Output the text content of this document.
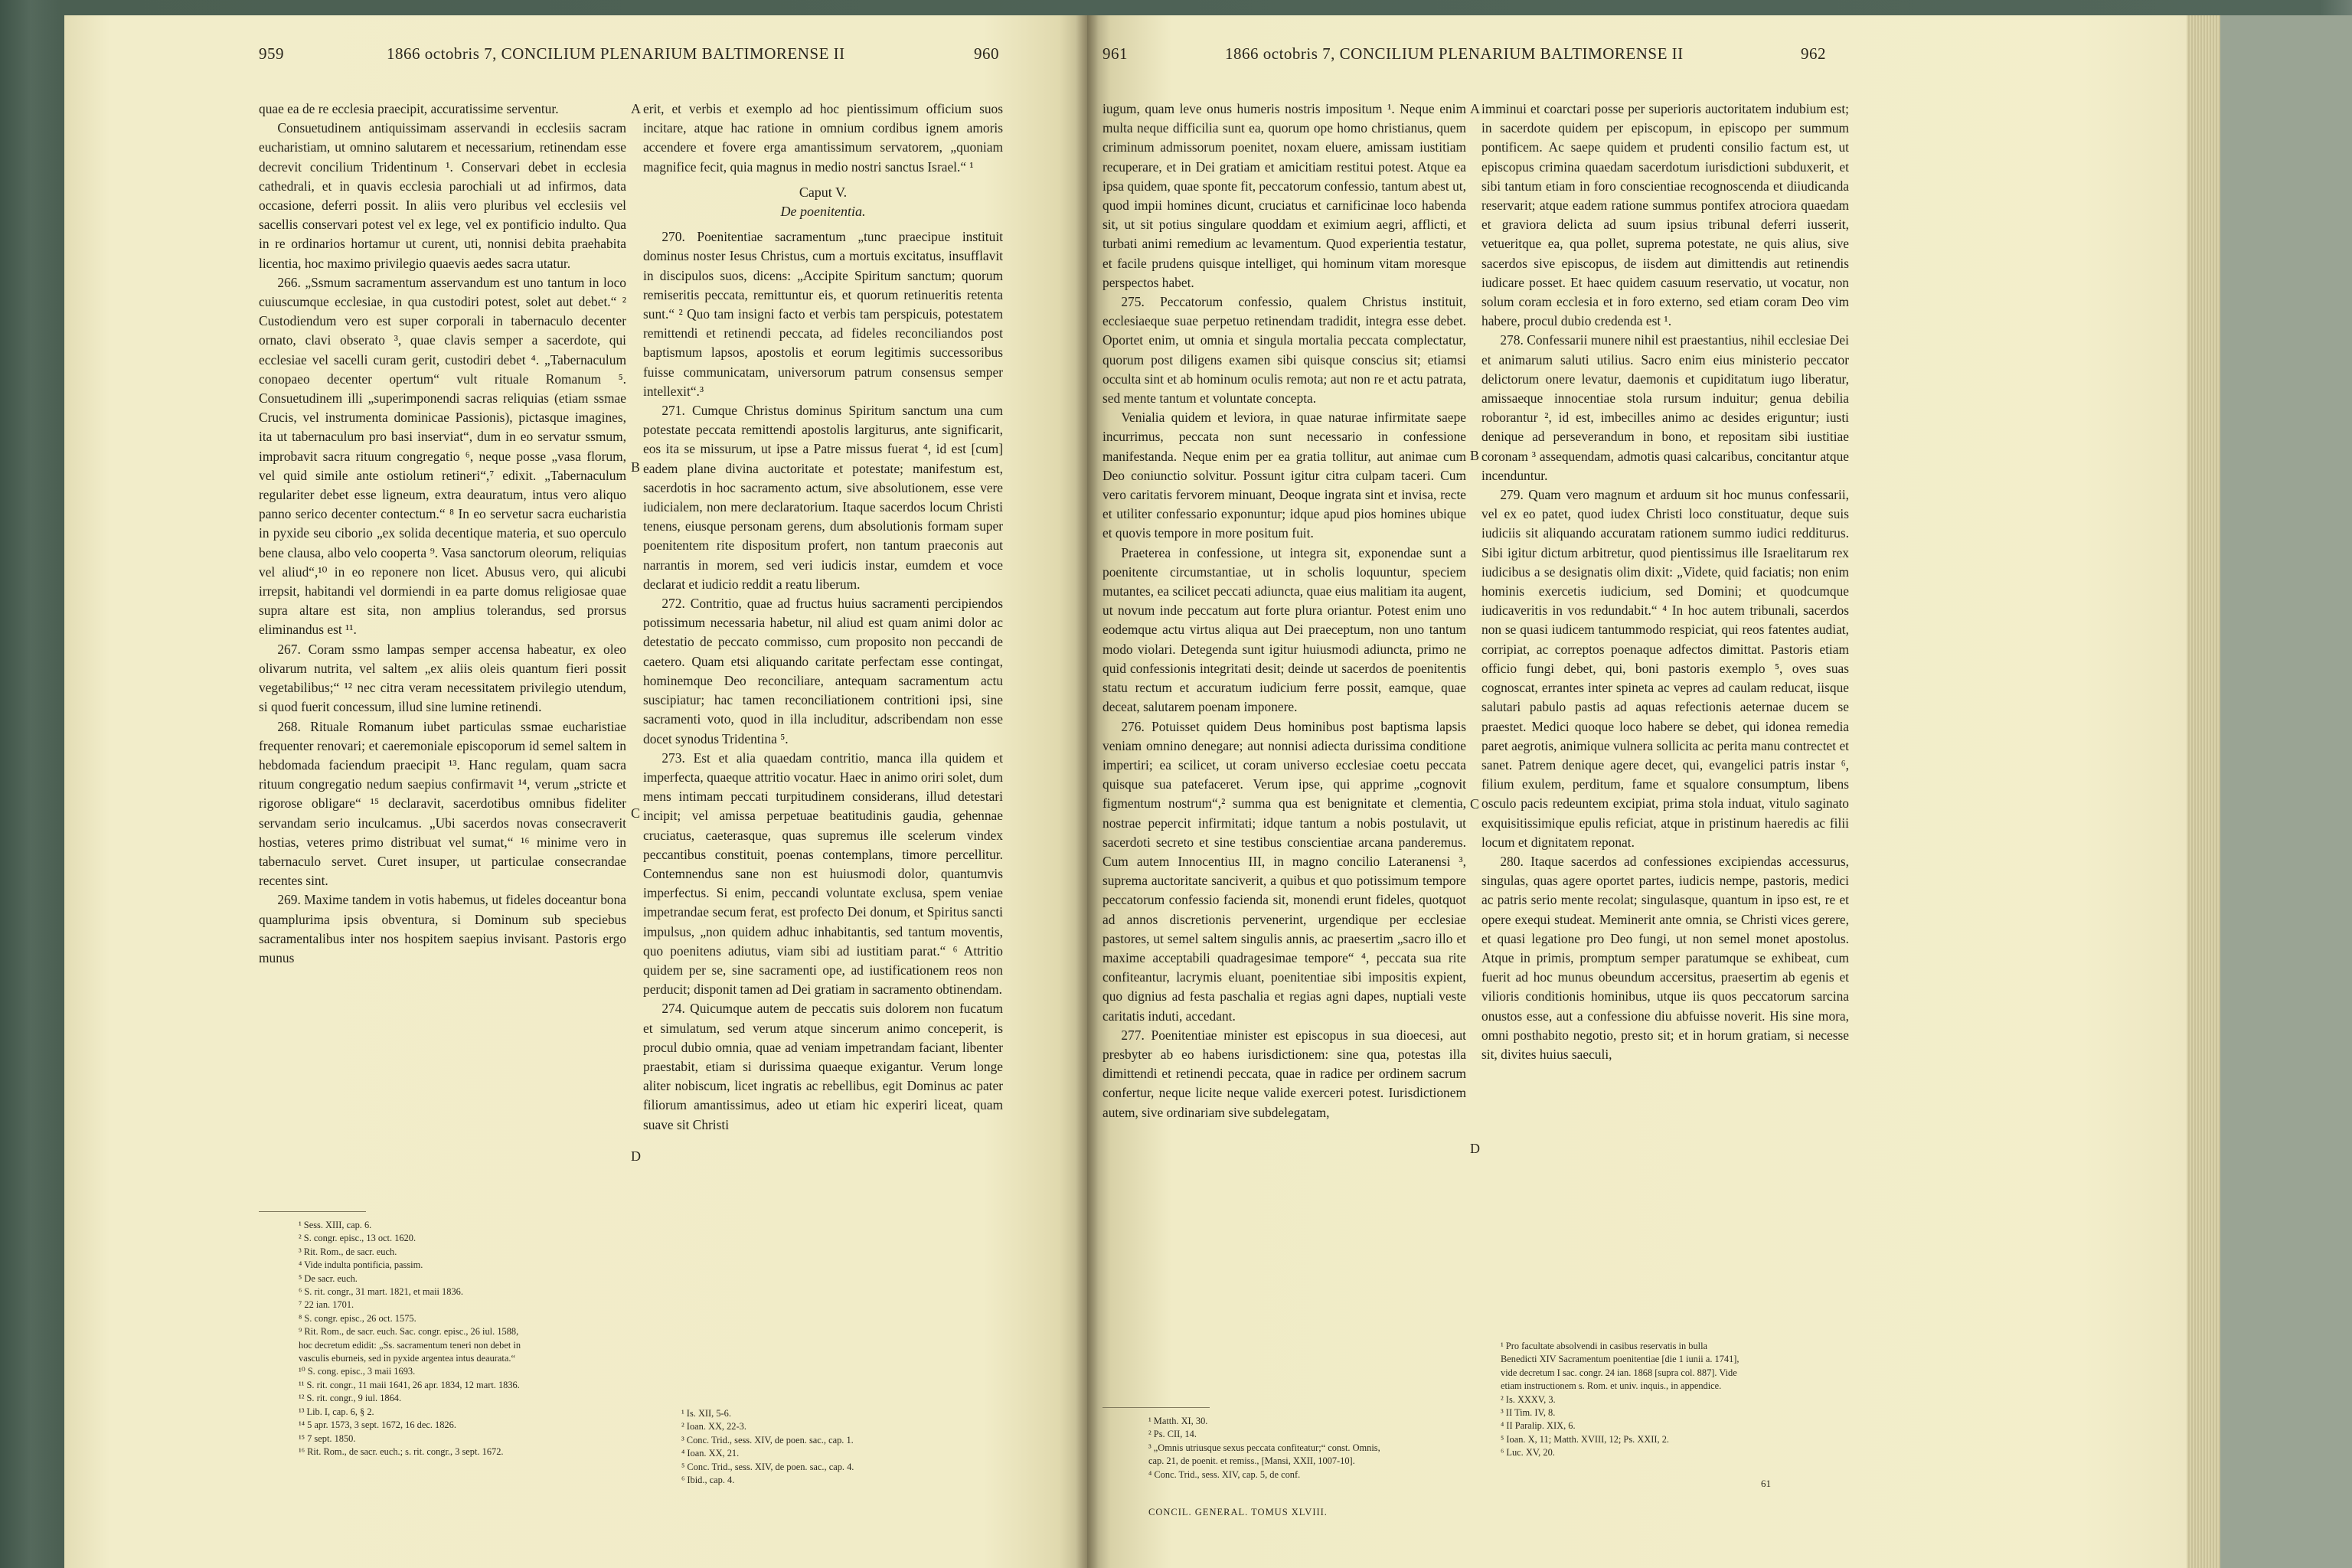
959	1866 octobris 7, CONCILIUM PLENARIUM BALTIMORENSE II	960	961	1866 octobris 7, CONCILIUM PLENARIUM BALTIMORENSE II	962

quae ea de re ecclesia praecipit, accuratissime serventur.

Consuetudinem antiquissimam asservandi in ecclesiis sacram eucharistiam, ut omnino salutarem et necessarium, retinendam esse decrevit concilium Tridentinum ¹. Conservari debet in ecclesia cathedrali, et in quavis ecclesia parochiali ut ad infirmos, data occasione, deferri possit. In aliis vero pluribus vel ecclesiis vel sacellis conservari potest vel ex lege, vel ex pontificio indulto. Qua in re ordinarios hortamur ut curent, uti, nonnisi debita praehabita licentia, hoc maximo privilegio quaevis aedes sacra utatur.

266. „Ssmum sacramentum asservandum est uno tantum in loco cuiuscumque ecclesiae, in qua custodiri potest, solet aut debet.“ ² Custodiendum vero est super corporali in tabernaculo decenter ornato, clavi obserato ³, quae clavis semper a sacerdote, qui ecclesiae vel sacelli curam gerit, custodiri debet ⁴. „Tabernaculum conopaeo decenter opertum“ vult rituale Romanum ⁵. Consuetudinem illi „superimponendi sacras reliquias (etiam ssmae Crucis, vel instrumenta dominicae Passionis), pictasque imagines, ita ut tabernaculum pro basi inserviat“, dum in eo servatur ssmum, improbavit sacra rituum congregatio ⁶, neque posse „vasa florum, vel quid simile ante ostiolum retineri“,⁷ edixit. „Tabernaculum regulariter debet esse ligneum, extra deauratum, intus vero aliquo panno serico decenter contectum.“ ⁸ In eo servetur sacra eucharistia in pyxide seu ciborio „ex solida decentique materia, et suo operculo bene clausa, albo velo cooperta ⁹. Vasa sanctorum oleorum, reliquias vel aliud“,¹⁰ in eo reponere non licet. Abusus vero, qui alicubi irrepsit, habitandi vel dormiendi in ea parte domus religiosae quae supra altare est sita, non amplius tolerandus, sed prorsus eliminandus est ¹¹.

267. Coram ssmo lampas semper accensa habeatur, ex oleo olivarum nutrita, vel saltem „ex aliis oleis quantum fieri possit vegetabilibus;“ ¹² nec citra veram necessitatem privilegio utendum, si quod fuerit concessum, illud sine lumine retinendi.

268. Rituale Romanum iubet particulas ssmae eucharistiae frequenter renovari; et caeremoniale episcoporum id semel saltem in hebdomada faciendum praecipit ¹³. Hanc regulam, quam sacra rituum congregatio nedum saepius confirmavit ¹⁴, verum „stricte et rigorose obligare“ ¹⁵ declaravit, sacerdotibus omnibus fideliter servandam serio inculcamus. „Ubi sacerdos novas consecraverit hostias, veteres primo distribuat vel sumat,“ ¹⁶ minime vero in tabernaculo servet. Curet insuper, ut particulae consecrandae recentes sint.

269. Maxime tandem in votis habemus, ut fideles doceantur bona quamplurima ipsis obventura, si Dominum sub speciebus sacramentalibus inter nos hospitem saepius invisant. Pastoris ergo munus

erit, et verbis et exemplo ad hoc pientissimum officium suos incitare, atque hac ratione in omnium cordibus ignem amoris accendere et fovere erga amantissimum servatorem, „quoniam magnifice fecit, quia magnus in medio nostri sanctus Israel.“ ¹

Caput V.
De poenitentia.

270. Poenitentiae sacramentum „tunc praecipue instituit dominus noster Iesus Christus, cum a mortuis excitatus, insufflavit in discipulos suos, dicens: „Accipite Spiritum sanctum; quorum remiseritis peccata, remittuntur eis, et quorum retinueritis retenta sunt.“ ² Quo tam insigni facto et verbis tam perspicuis, potestatem remittendi et retinendi peccata, ad fideles reconciliandos post baptismum lapsos, apostolis et eorum legitimis successoribus fuisse communicatam, universorum patrum consensus semper intellexit“.³

271. Cumque Christus dominus Spiritum sanctum una cum potestate peccata remittendi apostolis largiturus, ante significarit, eos ita se missurum, ut ipse a Patre missus fuerat ⁴, id est [cum] eadem plane divina auctoritate et potestate; manifestum est, sacerdotis in hoc sacramento actum, sive absolutionem, esse vere iudicialem, non mere declaratorium. Itaque sacerdos locum Christi tenens, eiusque personam gerens, dum absolutionis formam super poenitentem rite dispositum profert, non tantum praeconis aut narrantis in morem, sed veri iudicis instar, eumdem et voce declarat et iudicio reddit a reatu liberum.

272. Contritio, quae ad fructus huius sacramenti percipiendos potissimum necessaria habetur, nil aliud est quam animi dolor ac detestatio de peccato commisso, cum proposito non peccandi de caetero. Quam etsi aliquando caritate perfectam esse contingat, hominemque Deo reconciliare, antequam sacramentum actu suscipiatur; hac tamen reconciliationem contritioni ipsi, sine sacramenti voto, quod in illa includitur, adscribendam non esse docet synodus Tridentina ⁵.

273. Est et alia quaedam contritio, manca illa quidem et imperfecta, quaeque attritio vocatur. Haec in animo oriri solet, dum mens intimam peccati turpitudinem considerans, illud detestari incipit; vel amissa perpetuae beatitudinis gaudia, gehennae cruciatus, caeterasque, quas supremus ille scelerum vindex peccantibus constituit, poenas contemplans, timore percellitur. Contemnendus sane non est huiusmodi dolor, quantumvis imperfectus. Si enim, peccandi voluntate exclusa, spem veniae impetrandae secum ferat, est profecto Dei donum, et Spiritus sancti impulsus, „non quidem adhuc inhabitantis, sed tantum moventis, quo poenitens adiutus, viam sibi ad iustitiam parat.“ ⁶ Attritio quidem per se, sine sacramenti ope, ad iustificationem reos non perducit; disponit tamen ad Dei gratiam in sacramento obtinendam.

274. Quicumque autem de peccatis suis dolorem non fucatum et simulatum, sed verum atque sincerum animo conceperit, is procul dubio omnia, quae ad veniam impetrandam faciant, libenter praestabit, etiam si durissima quaeque exigantur. Verum longe aliter nobiscum, licet ingratis ac rebellibus, egit Dominus ac pater filiorum amantissimus, adeo ut etiam hic experiri liceat, quam suave sit Christi

A
B
C
D
¹ Sess. XIII, cap. 6.
² S. congr. episc., 13 oct. 1620.
³ Rit. Rom., de sacr. euch.
⁴ Vide indulta pontificia, passim.
⁵ De sacr. euch.
⁶ S. rit. congr., 31 mart. 1821, et maii 1836.
⁷ 22 ian. 1701.
⁸ S. congr. episc., 26 oct. 1575.
⁹ Rit. Rom., de sacr. euch. Sac. congr. episc., 26 iul. 1588,
hoc decretum edidit: „Ss. sacramentum teneri non debet in
vasculis eburneis, sed in pyxide argentea intus deaurata.“
¹⁰ S. cong. episc., 3 maii 1693.
¹¹ S. rit. congr., 11 maii 1641, 26 apr. 1834, 12 mart. 1836.
¹² S. rit. congr., 9 iul. 1864.
¹³ Lib. I, cap. 6, § 2.
¹⁴ 5 apr. 1573, 3 sept. 1672, 16 dec. 1826.
¹⁵ 7 sept. 1850.
¹⁶ Rit. Rom., de sacr. euch.; s. rit. congr., 3 sept. 1672.
¹ Is. XII, 5-6.
² Ioan. XX, 22-3.
³ Conc. Trid., sess. XIV, de poen. sac., cap. 1.
⁴ Ioan. XX, 21.
⁵ Conc. Trid., sess. XIV, de poen. sac., cap. 4.
⁶ Ibid., cap. 4.

iugum, quam leve onus humeris nostris impositum ¹. Neque enim multa neque difficilia sunt ea, quorum ope homo christianus, quem criminum admissorum poenitet, noxam eluere, amissam iustitiam recuperare, et in Dei gratiam et amicitiam restitui potest. Atque ea ipsa quidem, quae sponte fit, peccatorum confessio, tantum abest ut, quod impii homines dicunt, cruciatus et carnificinae loco habenda sit, ut sit potius singulare quoddam et eximium aegri, afflicti, et turbati animi remedium ac levamentum. Quod experientia testatur, et facile prudens quisque intelliget, qui hominum vitam moresque perspectos habet.

275. Peccatorum confessio, qualem Christus instituit, ecclesiaeque suae perpetuo retinendam tradidit, integra esse debet. Oportet enim, ut omnia et singula mortalia peccata complectatur, quorum post diligens examen sibi quisque conscius sit; etiamsi occulta sint et ab hominum oculis remota; aut non re et actu patrata, sed mente tantum et voluntate concepta.

Venialia quidem et leviora, in quae naturae infirmitate saepe incurrimus, peccata non sunt necessario in confessione manifestanda. Neque enim per ea gratia tollitur, aut animae cum Deo coniunctio solvitur. Possunt igitur citra culpam taceri. Cum vero caritatis fervorem minuant, Deoque ingrata sint et invisa, recte et utiliter confessario exponuntur; idque apud pios homines ubique et quovis tempore in more positum fuit.

Praeterea in confessione, ut integra sit, exponendae sunt a poenitente circumstantiae, ut in scholis loquuntur, speciem mutantes, ea scilicet peccati adiuncta, quae eius malitiam ita augent, ut novum inde peccatum aut forte plura oriantur. Potest enim uno eodemque actu virtus aliqua aut Dei praeceptum, non uno tantum modo violari. Detegenda sunt igitur huiusmodi adiuncta, primo ne quid confessionis integritati desit; deinde ut sacerdos de poenitentis statu rectum et accuratum iudicium ferre possit, eamque, quae deceat, salutarem poenam imponere.

276. Potuisset quidem Deus hominibus post baptisma lapsis veniam omnino denegare; aut nonnisi adiecta durissima conditione impertiri; ea scilicet, ut coram universo ecclesiae coetu peccata quisque sua patefaceret. Verum ipse, qui apprime „cognovit figmentum nostrum“,² summa qua est benignitate et clementia, nostrae pepercit infirmitati; idque tantum a nobis postulavit, ut sacerdoti secreto et sine testibus conscientiae arcana panderemus. Cum autem Innocentius III, in magno concilio Lateranensi ³, suprema auctoritate sanciverit, a quibus et quo potissimum tempore peccatorum confessio facienda sit, monendi erunt fideles, quotquot ad annos discretionis pervenerint, urgendique per ecclesiae pastores, ut semel saltem singulis annis, ac praesertim „sacro illo et maxime acceptabili quadragesimae tempore“ ⁴, peccata sua rite confiteantur, lacrymis eluant, poenitentiae sibi impositis expient, quo dignius ad festa paschalia et regias agni dapes, nuptiali veste caritatis induti, accedant.

277. Poenitentiae minister est episcopus in sua dioecesi, aut presbyter ab eo habens iurisdictionem: sine qua, potestas illa dimittendi et retinendi peccata, quae in radice per ordinem sacrum confertur, neque licite neque valide exerceri potest. Iurisdictionem autem, sive ordinariam sive subdelegatam,

imminui et coarctari posse per superioris auctoritatem indubium est; in sacerdote quidem per episcopum, in episcopo per summum pontificem. Ac saepe quidem et prudenti consilio factum est, ut episcopus crimina quaedam sacerdotum iurisdictioni subduxerit, et sibi tantum etiam in foro conscientiae recognoscenda et diiudicanda reservarit; atque eadem ratione summus pontifex atrociora quaedam et graviora delicta ad suum ipsius tribunal deferri iusserit, vetueritque ea, qua pollet, suprema potestate, ne quis alius, sive sacerdos sive episcopus, de iisdem aut dimittendis aut retinendis iudicare posset. Et haec quidem casuum reservatio, ut vocatur, non solum coram ecclesia et in foro externo, sed etiam coram Deo vim habere, procul dubio credenda est ¹.

278. Confessarii munere nihil est praestantius, nihil ecclesiae Dei et animarum saluti utilius. Sacro enim eius ministerio peccator delictorum onere levatur, daemonis et cupiditatum iugo liberatur, amissaeque innocentiae stola rursum induitur; genua debilia roborantur ², id est, imbecilles animo ac desides eriguntur; iusti denique ad perseverandum in bono, et repositam sibi iustitiae coronam ³ assequendam, admotis quasi calcaribus, concitantur atque incenduntur.

279. Quam vero magnum et arduum sit hoc munus confessarii, vel ex eo patet, quod iudex Christi loco constituatur, deque suis iudiciis sit aliquando accuratam rationem summo iudici redditurus. Sibi igitur dictum arbitretur, quod pientissimus ille Israelitarum rex iudicibus a se designatis olim dixit: „Videte, quid faciatis; non enim hominis exercetis iudicium, sed Domini; et quodcumque iudicaveritis in vos redundabit.“ ⁴ In hoc autem tribunali, sacerdos non se quasi iudicem tantummodo respiciat, qui reos fatentes audiat, corripiat, ac correptos poenaque adfectos dimittat. Pastoris etiam officio fungi debet, qui, boni pastoris exemplo ⁵, oves suas cognoscat, errantes inter spineta ac vepres ad caulam reducat, iisque salutari pabulo pastis ad aquas refectionis aeternae ducem se praestet. Medici quoque loco habere se debet, qui idonea remedia paret aegrotis, animique vulnera sollicita ac perita manu contrectet et sanet. Patrem denique agere decet, qui, evangelici patris instar ⁶, filium exulem, perditum, fame et squalore consumptum, libens osculo pacis redeuntem excipiat, prima stola induat, vitulo saginato exquisitissimique epulis reficiat, atque in pristinum haeredis ac filii locum et dignitatem reponat.

280. Itaque sacerdos ad confessiones excipiendas accessurus, singulas, quas agere oportet partes, iudicis nempe, pastoris, medici ac patris serio mente recolat; singulasque, quantum in ipso est, re et opere exequi studeat. Meminerit ante omnia, se Christi vices gerere, et quasi legatione pro Deo fungi, ut non semel monet apostolus. Atque in primis, promptum semper paratumque se exhibeat, cum fuerit ad hoc munus obeundum accersitus, praesertim ab egenis et vilioris conditionis hominibus, utque iis quos peccatorum sarcina onustos esse, aut a confessione diu abfuisse noverit. His sine mora, omni posthabito negotio, presto sit; et in horum gratiam, si necesse sit, divites huius saeculi,

A
B
C
D
¹ Matth. XI, 30.
² Ps. CII, 14.
³ „Omnis utriusque sexus peccata confiteatur;“ const. Omnis,
cap. 21, de poenit. et remiss., [Mansi, XXII, 1007-10].
⁴ Conc. Trid., sess. XIV, cap. 5, de conf.
¹ Pro facultate absolvendi in casibus reservatis in bulla
Benedicti XIV Sacramentum poenitentiae [die 1 iunii a. 1741],
vide decretum I sac. congr. 24 ian. 1868 [supra col. 887]. Vide
etiam instructionem s. Rom. et univ. inquis., in appendice.
² Is. XXXV, 3.
³ II Tim. IV, 8.
⁴ II Paralip. XIX, 6.
⁵ Ioan. X, 11; Matth. XVIII, 12; Ps. XXII, 2.
⁶ Luc. XV, 20.
CONCIL. GENERAL. TOMUS XLVIII.
61
